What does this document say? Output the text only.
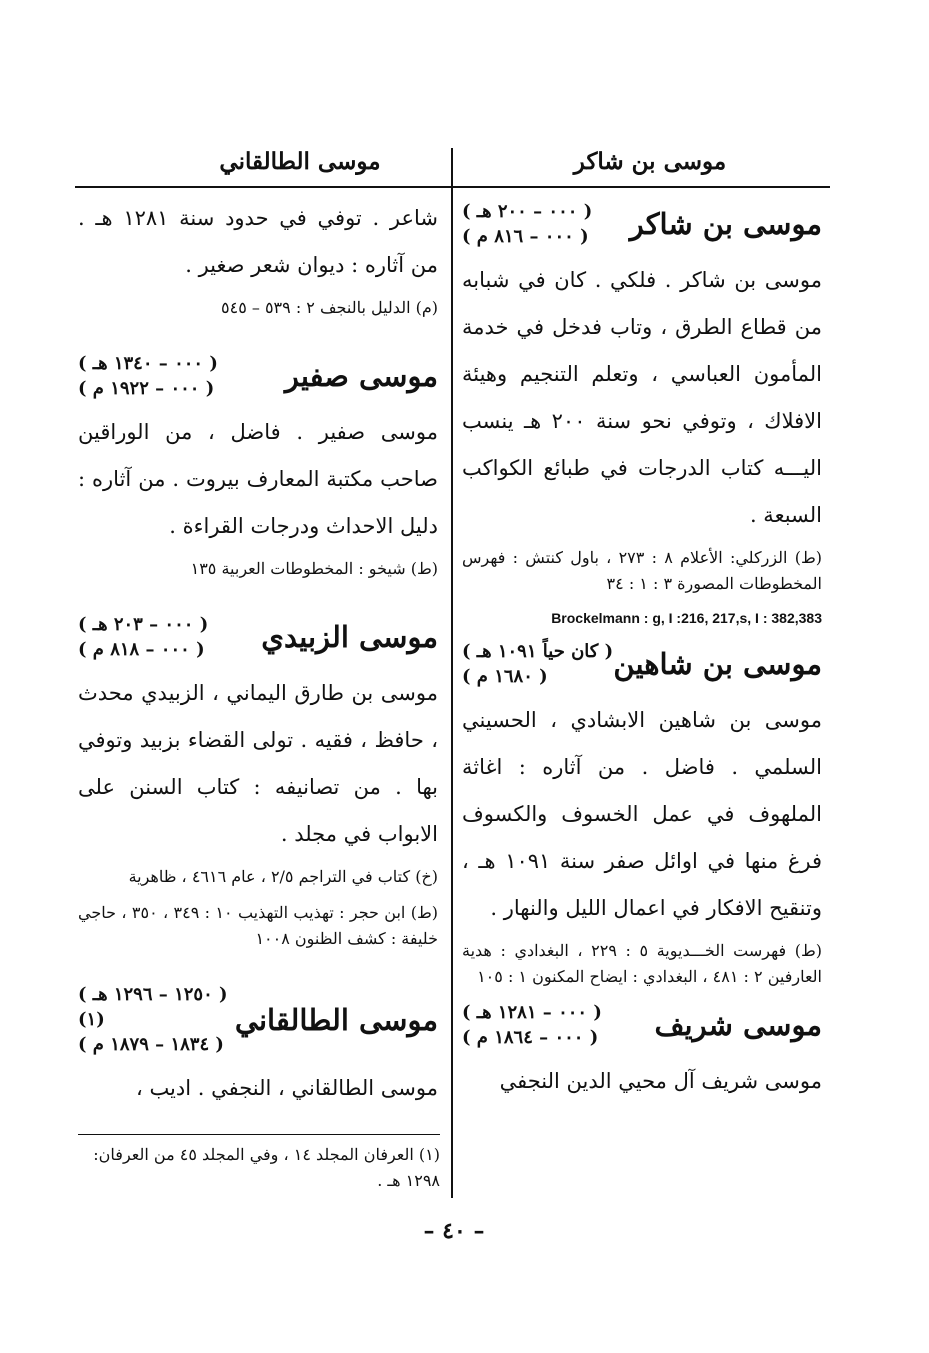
موسى بن شاكر
موسى الطالقاني
موسى بن شاكر
( ٠٠٠ – ٢٠٠ هـ )
( ٠٠٠ – ٨١٦ م )

موسى بن شاكر . فلكي . كان في شبابه من قطاع الطرق ، وتاب فدخل في خدمة المأمون العباسي ، وتعلم التنجيم وهيئة الافلاك ، وتوفي نحو سنة ٢٠٠ هـ ينسب اليـــه كتاب الدرجات في طبائع الكواكب السبعة .

(ط) الزركلي: الأعلام ٨ : ٢٧٣ ، باول كنتش : فهرس المخطوطات المصورة ٣ : ١ : ٣٤
Brockelmann : g, I :216, 217,s, I : 382,383
موسى بن شاهين
( كان حياً ١٠٩١ هـ )
( ١٦٨٠ م )

موسى بن شاهين الابشادي ، الحسيني السلمي . فاضل . من آثاره : اغاثة الملهوف في عمل الخسوف والكسوف فرغ منها في اوائل صفر سنة ١٠٩١ هـ ، وتنقيح الافكار في اعمال الليل والنهار .

(ط) فهرست الخـــديوية ٥ : ٢٢٩ ، البغدادي : هدية العارفين ٢ : ٤٨١ ، البغدادي : ايضاح المكنون ١ : ١٠٥
موسى شريف
( ٠٠٠ – ١٢٨١ هـ )
( ٠٠٠ – ١٨٦٤ م )

موسى شريف آل محيي الدين النجفي

شاعر . توفي في حدود سنة ١٢٨١ هـ . من آثاره : ديوان شعر صغير .

(م) الدليل بالنجف ٢ : ٥٣٩ – ٥٤٥
موسى صفير
( ٠٠٠ – ١٣٤٠ هـ )
( ٠٠٠ – ١٩٢٢ م )

موسى صفير . فاضل ، من الوراقين صاحب مكتبة المعارف بيروت . من آثاره : دليل الاحداث ودرجات القراءة .

(ط) شيخو : المخطوطات العربية ١٣٥
موسى الزبيدي
( ٠٠٠ – ٢٠٣ هـ )
( ٠٠٠ – ٨١٨ م )

موسى بن طارق اليماني ، الزبيدي محدث ، حافظ ، فقيه . تولى القضاء بزبيد وتوفي بها . من تصانيفه : كتاب السنن على الابواب في مجلد .

(خ) كتاب في التراجم ٢/٥ ، عام ٤٦١٦ ، ظاهرية
(ط) ابن حجر : تهذيب التهذيب ١٠ : ٣٤٩ ، ٣٥٠ ، حاجي خليفة : كشف الظنون ١٠٠٨
موسى الطالقاني
( ١٢٥٠ – ١٢٩٦ هـ )(١)
( ١٨٣٤ – ١٨٧٩ م )

موسى الطالقاني ، النجفي . اديب ،

(١) العرفان المجلد ١٤ ، وفي المجلد ٤٥ من العرفان: ١٢٩٨ هـ .
– ٤٠ –
